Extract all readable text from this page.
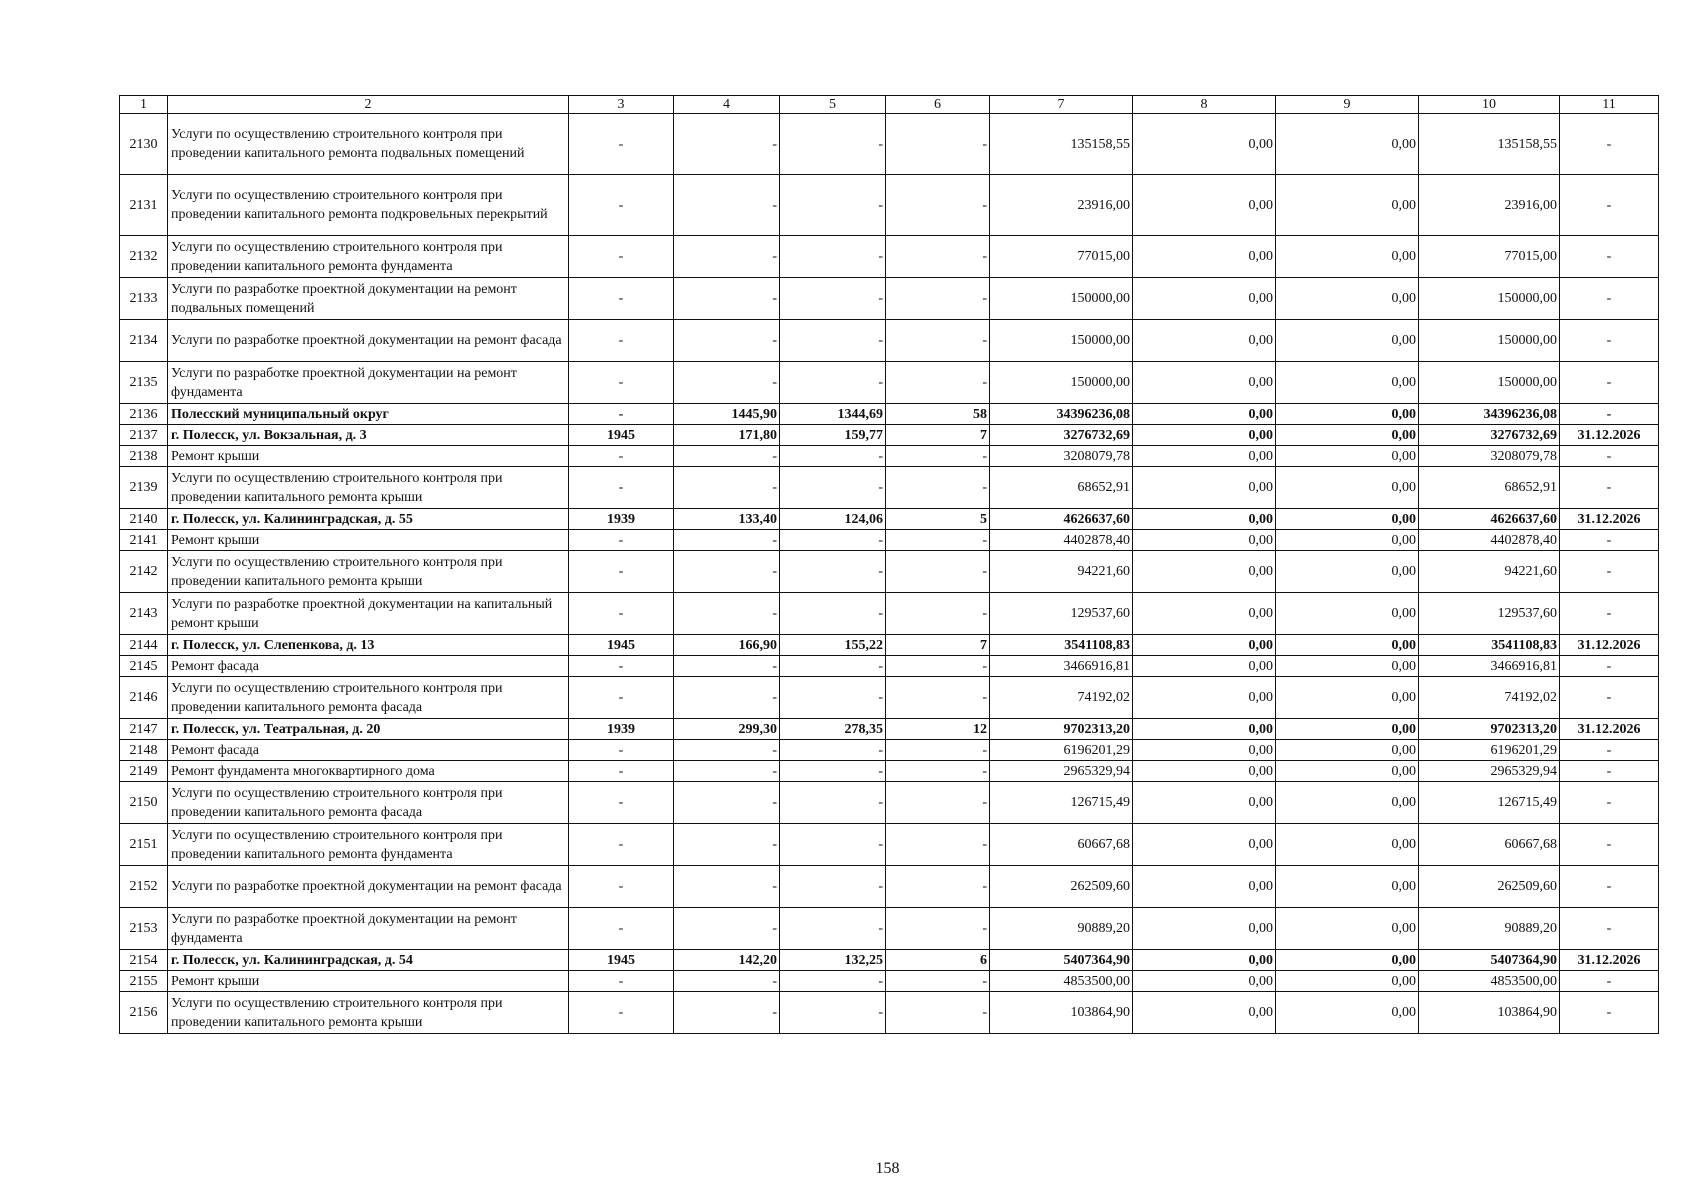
1	2	3	4	5	6	7	8	9	10	11
2130	Услуги по осуществлению строительного контроля при проведении капитального ремонта подвальных помещений	-	-	-	-	135158,55	0,00	0,00	135158,55	-
2131	Услуги по осуществлению строительного контроля при проведении капитального ремонта подкровельных перекрытий	-	-	-	-	23916,00	0,00	0,00	23916,00	-
2132	Услуги по осуществлению строительного контроля при проведении капитального ремонта фундамента	-	-	-	-	77015,00	0,00	0,00	77015,00	-
2133	Услуги по разработке проектной документации на ремонт подвальных помещений	-	-	-	-	150000,00	0,00	0,00	150000,00	-
2134	Услуги по разработке проектной документации на ремонт фасада	-	-	-	-	150000,00	0,00	0,00	150000,00	-
2135	Услуги по разработке проектной документации на ремонт фундамента	-	-	-	-	150000,00	0,00	0,00	150000,00	-
2136	Полесский муниципальный округ	-	1445,90	1344,69	58	34396236,08	0,00	0,00	34396236,08	-
2137	г. Полесск, ул. Вокзальная, д. 3	1945	171,80	159,77	7	3276732,69	0,00	0,00	3276732,69	31.12.2026
2138	Ремонт крыши	-	-	-	-	3208079,78	0,00	0,00	3208079,78	-
2139	Услуги по осуществлению строительного контроля при проведении капитального ремонта крыши	-	-	-	-	68652,91	0,00	0,00	68652,91	-
2140	г. Полесск, ул. Калининградская, д. 55	1939	133,40	124,06	5	4626637,60	0,00	0,00	4626637,60	31.12.2026
2141	Ремонт крыши	-	-	-	-	4402878,40	0,00	0,00	4402878,40	-
2142	Услуги по осуществлению строительного контроля при проведении капитального ремонта крыши	-	-	-	-	94221,60	0,00	0,00	94221,60	-
2143	Услуги по разработке проектной документации на капитальный ремонт крыши	-	-	-	-	129537,60	0,00	0,00	129537,60	-
2144	г. Полесск, ул. Слепенкова, д. 13	1945	166,90	155,22	7	3541108,83	0,00	0,00	3541108,83	31.12.2026
2145	Ремонт фасада	-	-	-	-	3466916,81	0,00	0,00	3466916,81	-
2146	Услуги по осуществлению строительного контроля при проведении капитального ремонта фасада	-	-	-	-	74192,02	0,00	0,00	74192,02	-
2147	г. Полесск, ул. Театральная, д. 20	1939	299,30	278,35	12	9702313,20	0,00	0,00	9702313,20	31.12.2026
2148	Ремонт фасада	-	-	-	-	6196201,29	0,00	0,00	6196201,29	-
2149	Ремонт фундамента многоквартирного дома	-	-	-	-	2965329,94	0,00	0,00	2965329,94	-
2150	Услуги по осуществлению строительного контроля при проведении капитального ремонта фасада	-	-	-	-	126715,49	0,00	0,00	126715,49	-
2151	Услуги по осуществлению строительного контроля при проведении капитального ремонта фундамента	-	-	-	-	60667,68	0,00	0,00	60667,68	-
2152	Услуги по разработке проектной документации на ремонт фасада	-	-	-	-	262509,60	0,00	0,00	262509,60	-
2153	Услуги по разработке проектной документации на ремонт фундамента	-	-	-	-	90889,20	0,00	0,00	90889,20	-
2154	г. Полесск, ул. Калининградская, д. 54	1945	142,20	132,25	6	5407364,90	0,00	0,00	5407364,90	31.12.2026
2155	Ремонт крыши	-	-	-	-	4853500,00	0,00	0,00	4853500,00	-
2156	Услуги по осуществлению строительного контроля при проведении капитального ремонта крыши	-	-	-	-	103864,90	0,00	0,00	103864,90	-
158
